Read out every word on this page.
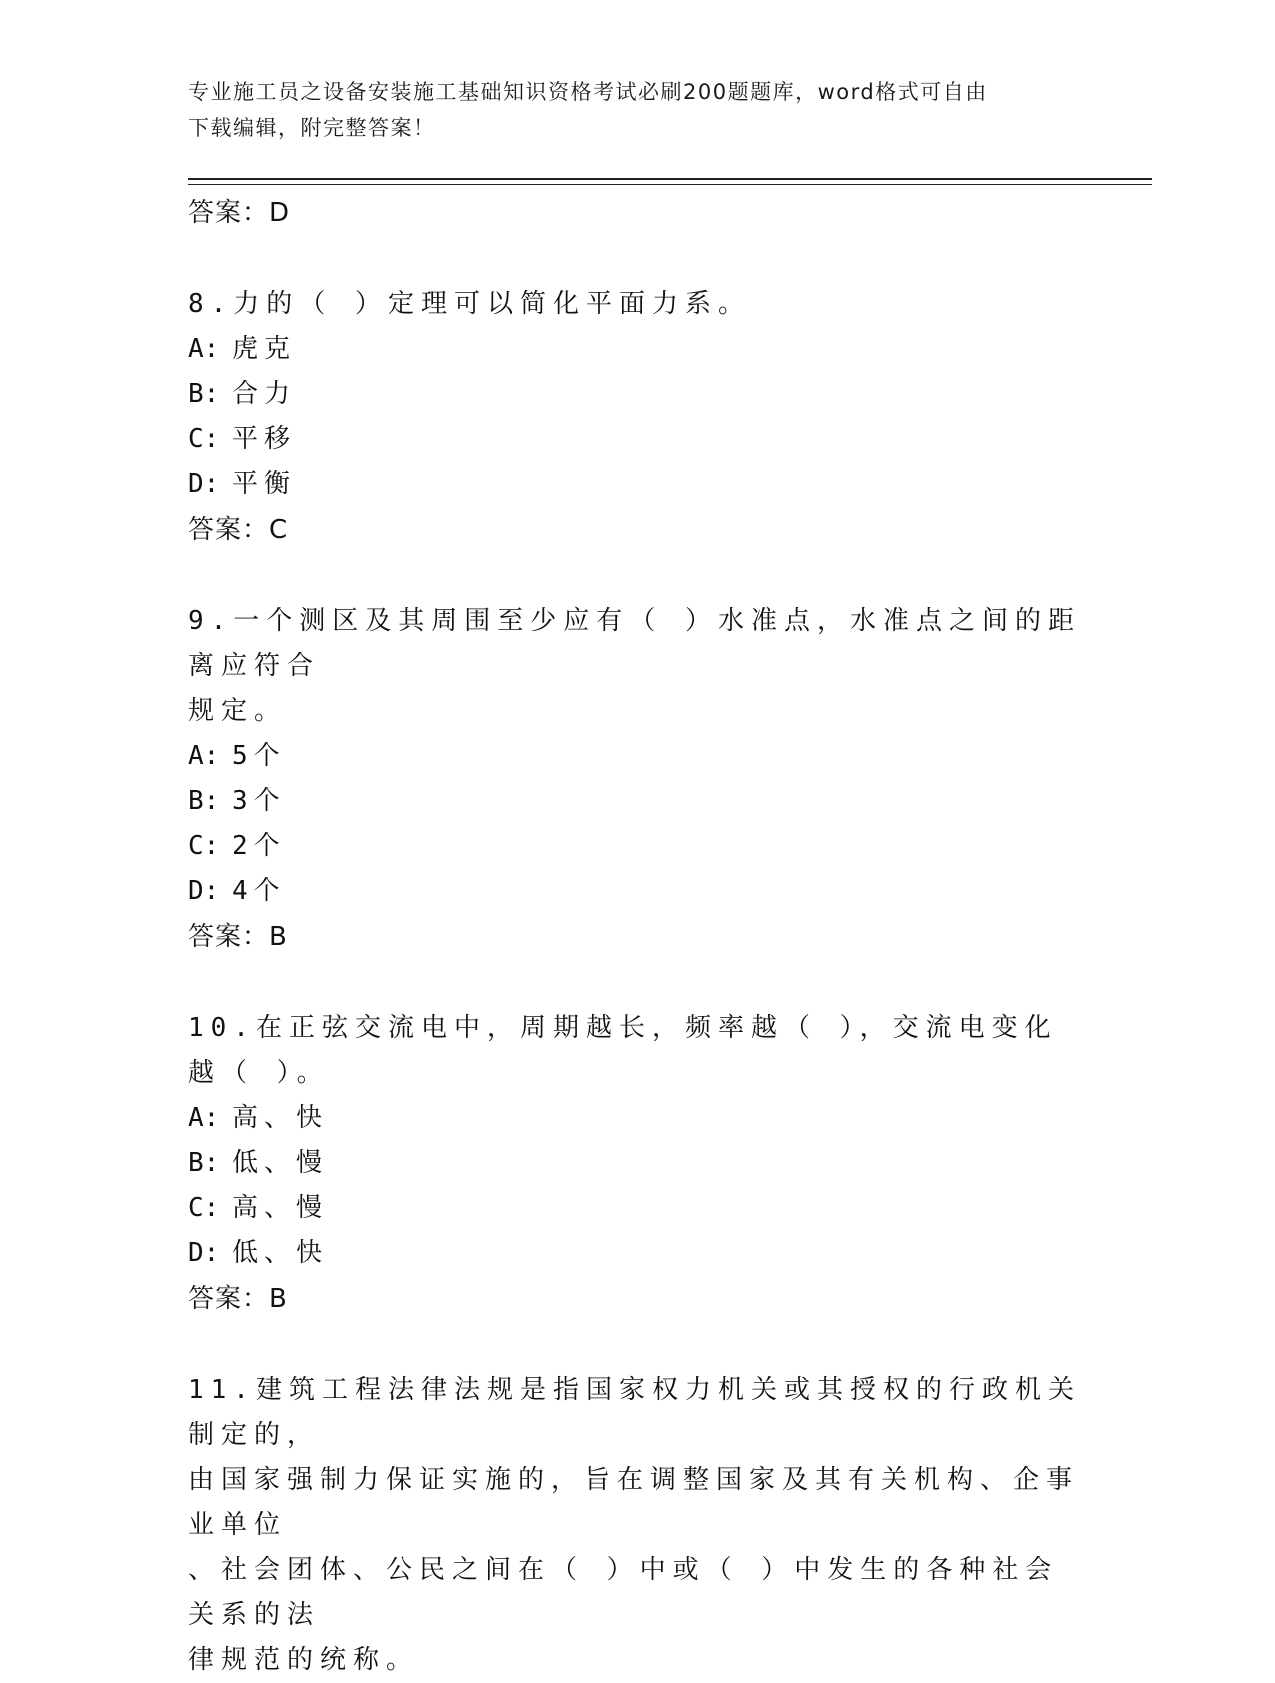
专业施工员之设备安装施工基础知识资格考试必刷200题题库，word格式可自由
下载编辑，附完整答案！
答案：D
8.力的（ ）定理可以简化平面力系。
A: 虎克
B: 合力
C: 平移
D: 平衡
答案：C
9.一个测区及其周围至少应有（ ）水准点，水准点之间的距离应符合
规定。
A: 5个
B: 3个
C: 2个
D: 4个
答案：B
10.在正弦交流电中，周期越长，频率越（ ），交流电变化越（ ）。
A: 高、快
B: 低、慢
C: 高、慢
D: 低、快
答案：B
11.建筑工程法律法规是指国家权力机关或其授权的行政机关制定的，
由国家强制力保证实施的，旨在调整国家及其有关机构、企事业单位
、社会团体、公民之间在（ ）中或（ ）中发生的各种社会关系的法
律规范的统称。
